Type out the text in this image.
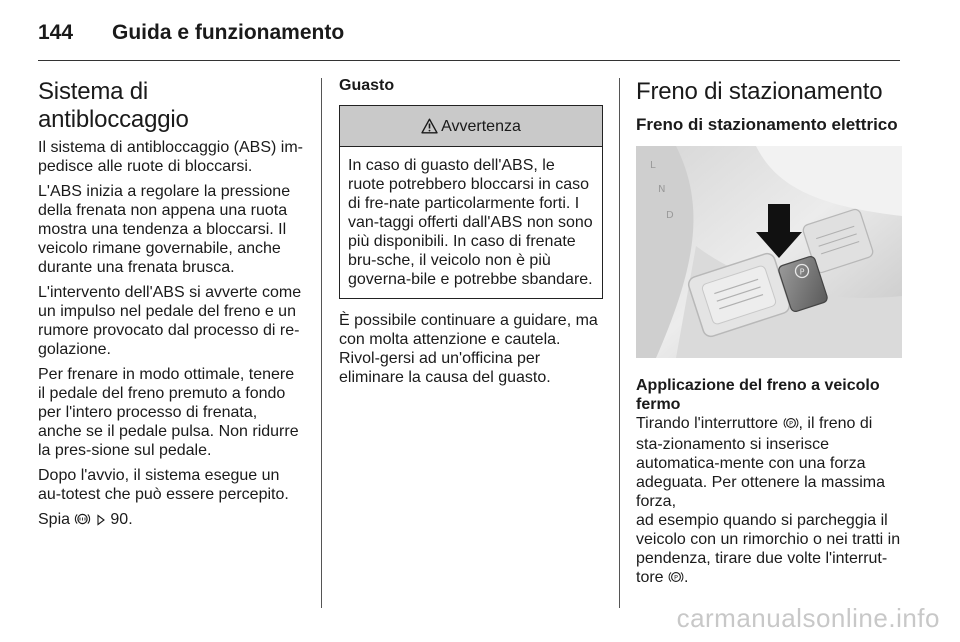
144	Guida e funzionamento
Sistema di antibloccaggio

Il sistema di antibloccaggio (ABS) im-pedisce alle ruote di bloccarsi.

L'ABS inizia a regolare la pressione della frenata non appena una ruota mostra una tendenza a bloccarsi. Il veicolo rimane governabile, anche durante una frenata brusca.

L'intervento dell'ABS si avverte come un impulso nel pedale del freno e un rumore provocato dal processo di re-golazione.

Per frenare in modo ottimale, tenere il pedale del freno premuto a fondo per l'intero processo di frenata, anche se il pedale pulsa. Non ridurre la pres-sione sul pedale.

Dopo l'avvio, il sistema esegue un au-totest che può essere percepito.

Spia	90.

Guasto
Avvertenza
In caso di guasto dell'ABS, le ruote potrebbero bloccarsi in caso di fre-nate particolarmente forti. I van-taggi offerti dall'ABS non sono più disponibili. In caso di frenate bru-sche, il veicolo non è più governa-bile e potrebbe sbandare.

È possibile continuare a guidare, ma con molta attenzione e cautela. Rivol-gersi ad un'officina per eliminare la causa del guasto.

Freno di stazionamento
Freno di stazionamento elettrico
P
L
N
D
Applicazione del freno a veicolo fermo

Tirando l'interruttore P , il freno di sta-zionamento si inserisce automatica-mente con una forza adeguata. Per ottenere la massima forza,
ad esempio quando si parcheggia il veicolo con un rimorchio o nei tratti in pendenza, tirare due volte l'interrut-tore P .

carmanualsonline.info
